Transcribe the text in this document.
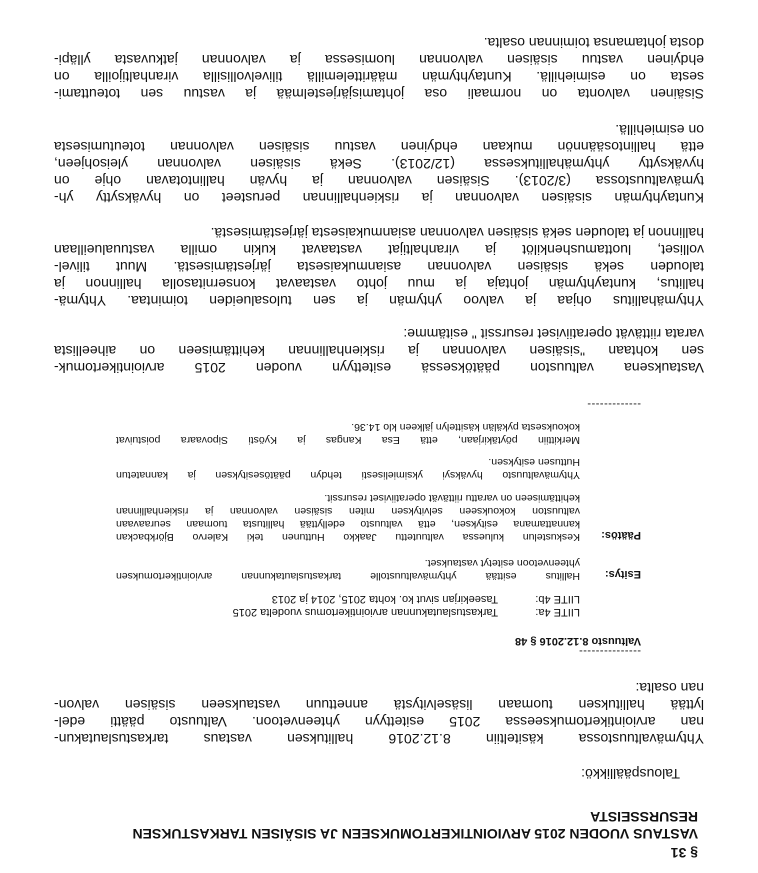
§ 31
VASTAUS VUODEN 2015 ARVIOINTIKERTOMUKSEEN JA SISÄISEN TARKASTUKSEN
RESURSSEISTA
Talouspäällikkö:
Yhtymävaltuustossa käsiteltiin 8.12.2016 hallituksen vastaus tarkastuslautakun-
nan arviointikertomukseessa 2015 esitettyyn yhteenvetoon. Valtuusto päätti edel-
lyttää hallituksen tuomaan lisäselvitystä annettuun vastaukseen sisäisen valvon-
nan osalta:
---------------
Valtuusto 8.12.2016 § 48
LIITE 4a:
Tarkastuslautakunnan arviointikertomus vuodelta 2015
LIITE 4b:
Taseekirjan sivut ko. kohta 2015, 2014 ja 2013
Esitys:
Hallitus esittää yhtymävaltuustolle tarkastuslautakunnan arviointikertomuksen
yhteenvetoon esitetyt vastaukset.
Päätös:
Keskustelun kuluessa valtuutettu Jaakko Huttunen teki Kalervo Björkbackan
kannattamana esityksen, että valtuusto edellyttää hallitusta tuomaan seuraavaan
valtuuston kokoukseen selvityksen miten sisäisen valvonnan ja riskienhallinnan
kehittämiseen on varattu riittävät operatiiviset resurssit.
Yhtymävaltuusto hyväksyi yksimielisesti tehdyn päätösesityksen ja kannatetun
Huttusen esityksen.
Merkittiin pöytäkirjaan, että Esa Kangas ja Kyösti Sipovaara poistuivat
kokouksesta pykälän käsittelyn jälkeen klo 14.36.
-------------
Vastauksena valtuuston päätöksessä esitettyyn vuoden 2015 arviointikertomuk-
sen kohtaan "sisäisen valvonnan ja riskienhallinnan kehittämiseen on aiheellista
varata riittävät operatiiviset resurssit " esitämme:
Yhtymähallitus ohjaa ja valvoo yhtymän ja sen tulosalueiden toimintaa. Yhtymä-
hallitus, kuntayhtymän johtaja ja muu johto vastaavat konsernitasolla hallinnon ja
talouden sekä sisäisen valvonnan asianmukaisesta järjestämisestä. Muut tilivel-
volliset, luottamushenkilöt ja viranhaltijat vastaavat kukin omilla vastuualueillaan
hallinnon ja talouden sekä sisäisen valvonnan asianmukaisesta järjestämisestä.
Kuntayhtymän sisäisen valvonnan ja riskienhallinnan perusteet on hyväksytty yh-
tymävaltuustossa (3/2013). Sisäisen valvonnan ja hyvän hallintotavan ohje on
hyväksytty yhtymähallituksessa (12/2013). Sekä sisäisen valvonnan yleisohjeen,
että hallintosäännön mukaan ehdyinen vastuu sisäisen valvonnan toteutumisesta
on esimiehillä.
Sisäinen valvonta on normaali osa johtamisjärjestelmää ja vastuu sen toteuttami-
sesta on esimiehillä. Kuntayhtymän määrittelemillä tilivelvollisilla viranhaltijoilla on
ehdyinen vastuu sisäisen valvonnan luomisessa ja valvonnan jatkuvasta ylläpi-
dosta johtamansa toiminnan osalta.
